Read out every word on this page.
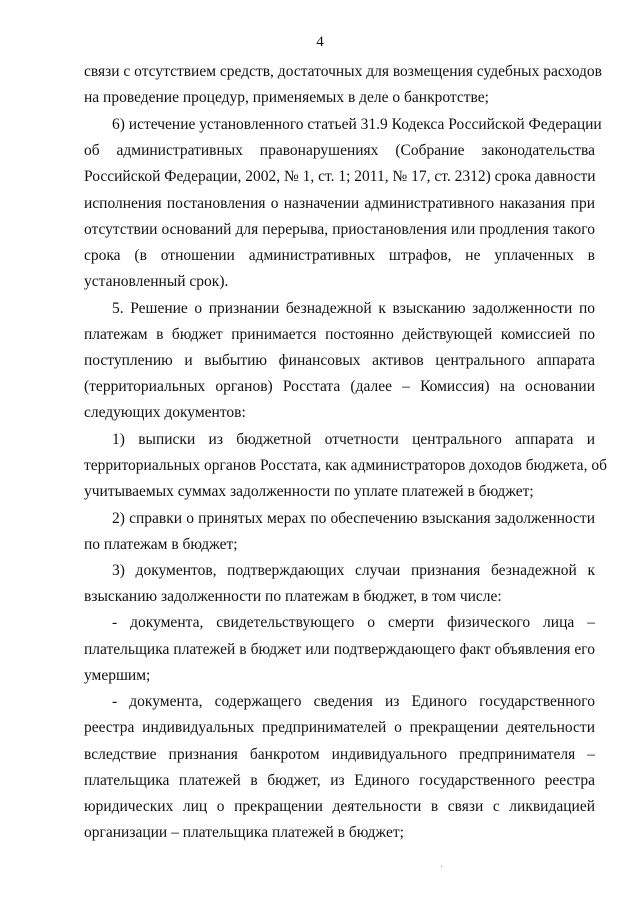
4
связи с отсутствием средств, достаточных для возмещения судебных расходов
на проведение процедур, применяемых в деле о банкротстве;
6) истечение установленного статьей 31.9 Кодекса Российской Федерации
об административных правонарушениях (Собрание законодательства
Российской Федерации, 2002, № 1, ст. 1; 2011, № 17, ст. 2312) срока давности
исполнения постановления о назначении административного наказания при
отсутствии оснований для перерыва, приостановления или продления такого
срока (в отношении административных штрафов, не уплаченных в
установленный срок).
5. Решение о признании безнадежной к взысканию задолженности по
платежам в бюджет принимается постоянно действующей комиссией по
поступлению и выбытию финансовых активов центрального аппарата
(территориальных органов) Росстата (далее – Комиссия) на основании
следующих документов:
1) выписки из бюджетной отчетности центрального аппарата и
территориальных органов Росстата, как администраторов доходов бюджета, об
учитываемых суммах задолженности по уплате платежей в бюджет;
2) справки о принятых мерах по обеспечению взыскания задолженности
по платежам в бюджет;
3) документов, подтверждающих случаи признания безнадежной к
взысканию задолженности по платежам в бюджет, в том числе:
- документа, свидетельствующего о смерти физического лица –
плательщика платежей в бюджет или подтверждающего факт объявления его
умершим;
- документа, содержащего сведения из Единого государственного
реестра индивидуальных предпринимателей о прекращении деятельности
вследствие признания банкротом индивидуального предпринимателя –
плательщика платежей в бюджет, из Единого государственного реестра
юридических лиц о прекращении деятельности в связи с ликвидацией
организации – плательщика платежей в бюджет;
ʾ
